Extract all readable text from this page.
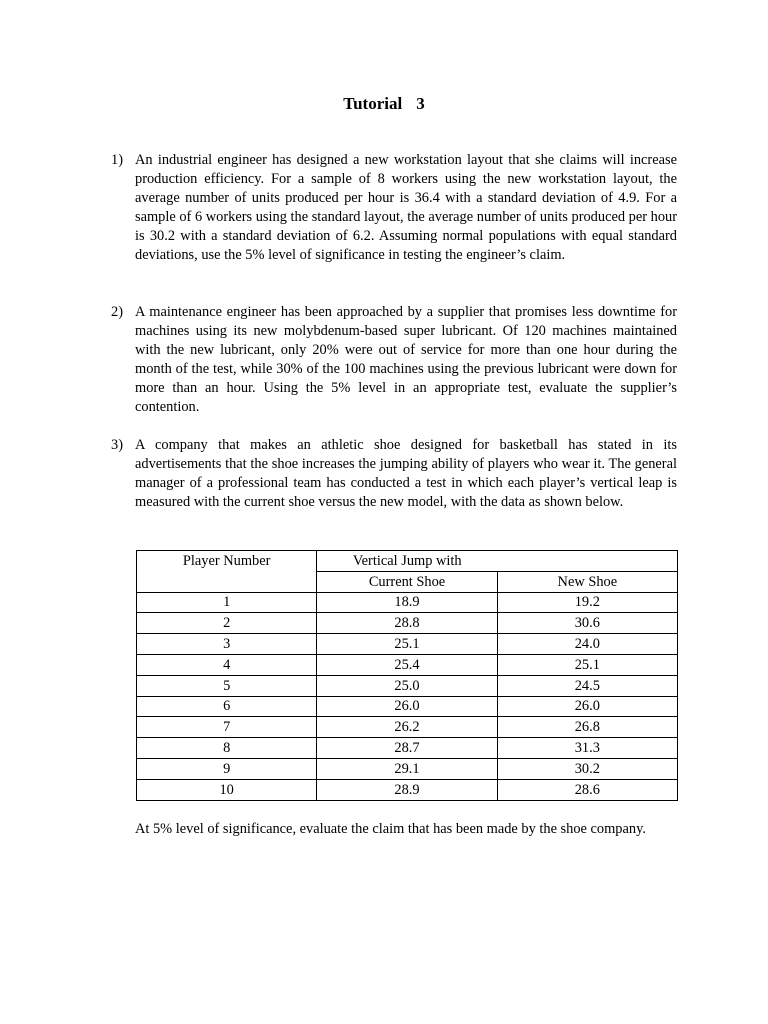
Tutorial 3
1) An industrial engineer has designed a new workstation layout that she claims will increase production efficiency. For a sample of 8 workers using the new workstation layout, the average number of units produced per hour is 36.4 with a standard deviation of 4.9. For a sample of 6 workers using the standard layout, the average number of units produced per hour is 30.2 with a standard deviation of 6.2. Assuming normal populations with equal standard deviations, use the 5% level of significance in testing the engineer’s claim.
2) A maintenance engineer has been approached by a supplier that promises less downtime for machines using its new molybdenum-based super lubricant. Of 120 machines maintained with the new lubricant, only 20% were out of service for more than one hour during the month of the test, while 30% of the 100 machines using the previous lubricant were down for more than an hour. Using the 5% level in an appropriate test, evaluate the supplier’s contention.
3) A company that makes an athletic shoe designed for basketball has stated in its advertisements that the shoe increases the jumping ability of players who wear it. The general manager of a professional team has conducted a test in which each player’s vertical leap is measured with the current shoe versus the new model, with the data as shown below.
Player Number	Vertical Jump with	
	Current Shoe	New Shoe
1	18.9	19.2
2	28.8	30.6
3	25.1	24.0
4	25.4	25.1
5	25.0	24.5
6	26.0	26.0
7	26.2	26.8
8	28.7	31.3
9	29.1	30.2
10	28.9	28.6
At 5% level of significance, evaluate the claim that has been made by the shoe company.
